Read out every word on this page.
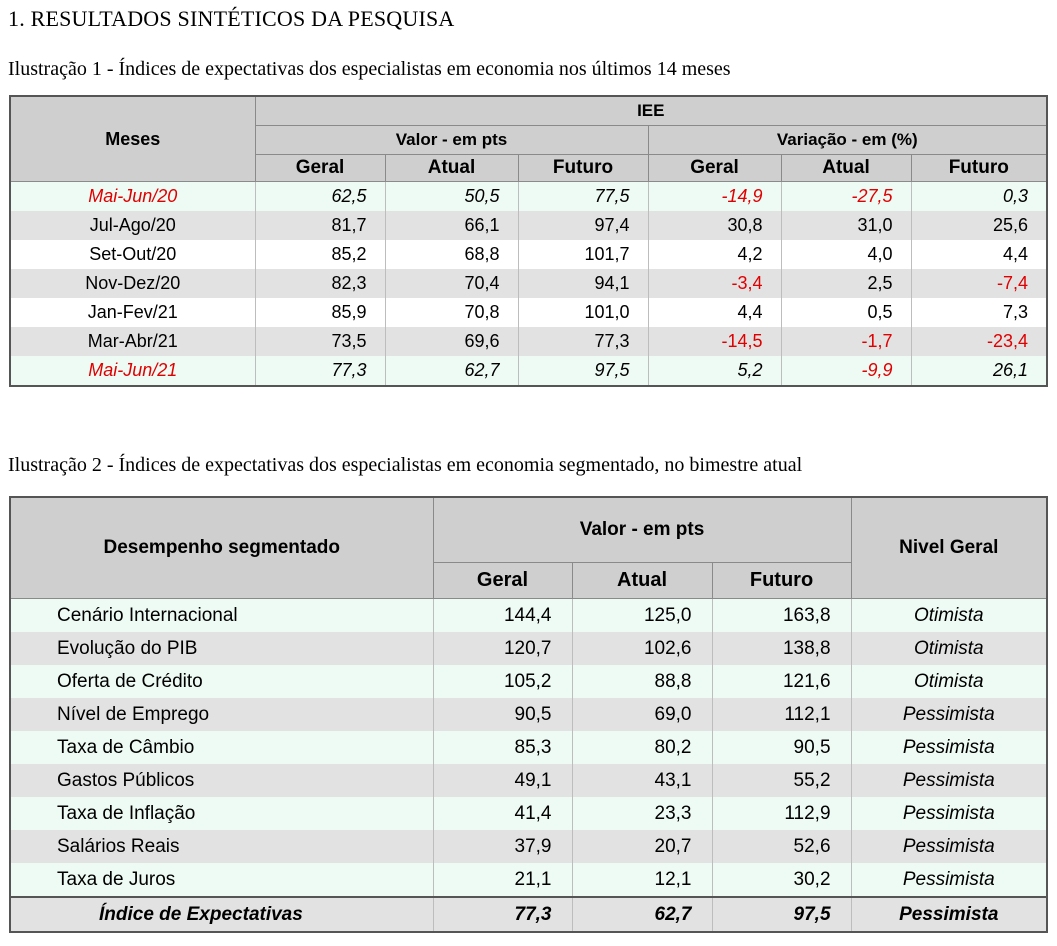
1. RESULTADOS SINTÉTICOS DA PESQUISA
Ilustração 1 - Índices de expectativas dos especialistas em economia nos últimos 14 meses
Meses	IEE					
	Valor - em pts			Variação - em (%)		
	Geral	Atual	Futuro	Geral	Atual	Futuro
Mai-Jun/20	62,5	50,5	77,5	-14,9	-27,5	0,3
Jul-Ago/20	81,7	66,1	97,4	30,8	31,0	25,6
Set-Out/20	85,2	68,8	101,7	4,2	4,0	4,4
Nov-Dez/20	82,3	70,4	94,1	-3,4	2,5	-7,4
Jan-Fev/21	85,9	70,8	101,0	4,4	0,5	7,3
Mar-Abr/21	73,5	69,6	77,3	-14,5	-1,7	-23,4
Mai-Jun/21	77,3	62,7	97,5	5,2	-9,9	26,1
Ilustração 2 - Índices de expectativas dos especialistas em economia segmentado, no bimestre atual
Desempenho segmentado	Valor - em pts			Nivel Geral
	Geral	Atual	Futuro	
Cenário Internacional	144,4	125,0	163,8	Otimista
Evolução do PIB	120,7	102,6	138,8	Otimista
Oferta de Crédito	105,2	88,8	121,6	Otimista
Nível de Emprego	90,5	69,0	112,1	Pessimista
Taxa de Câmbio	85,3	80,2	90,5	Pessimista
Gastos Públicos	49,1	43,1	55,2	Pessimista
Taxa de Inflação	41,4	23,3	112,9	Pessimista
Salários Reais	37,9	20,7	52,6	Pessimista
Taxa de Juros	21,1	12,1	30,2	Pessimista
Índice de Expectativas	77,3	62,7	97,5	Pessimista
